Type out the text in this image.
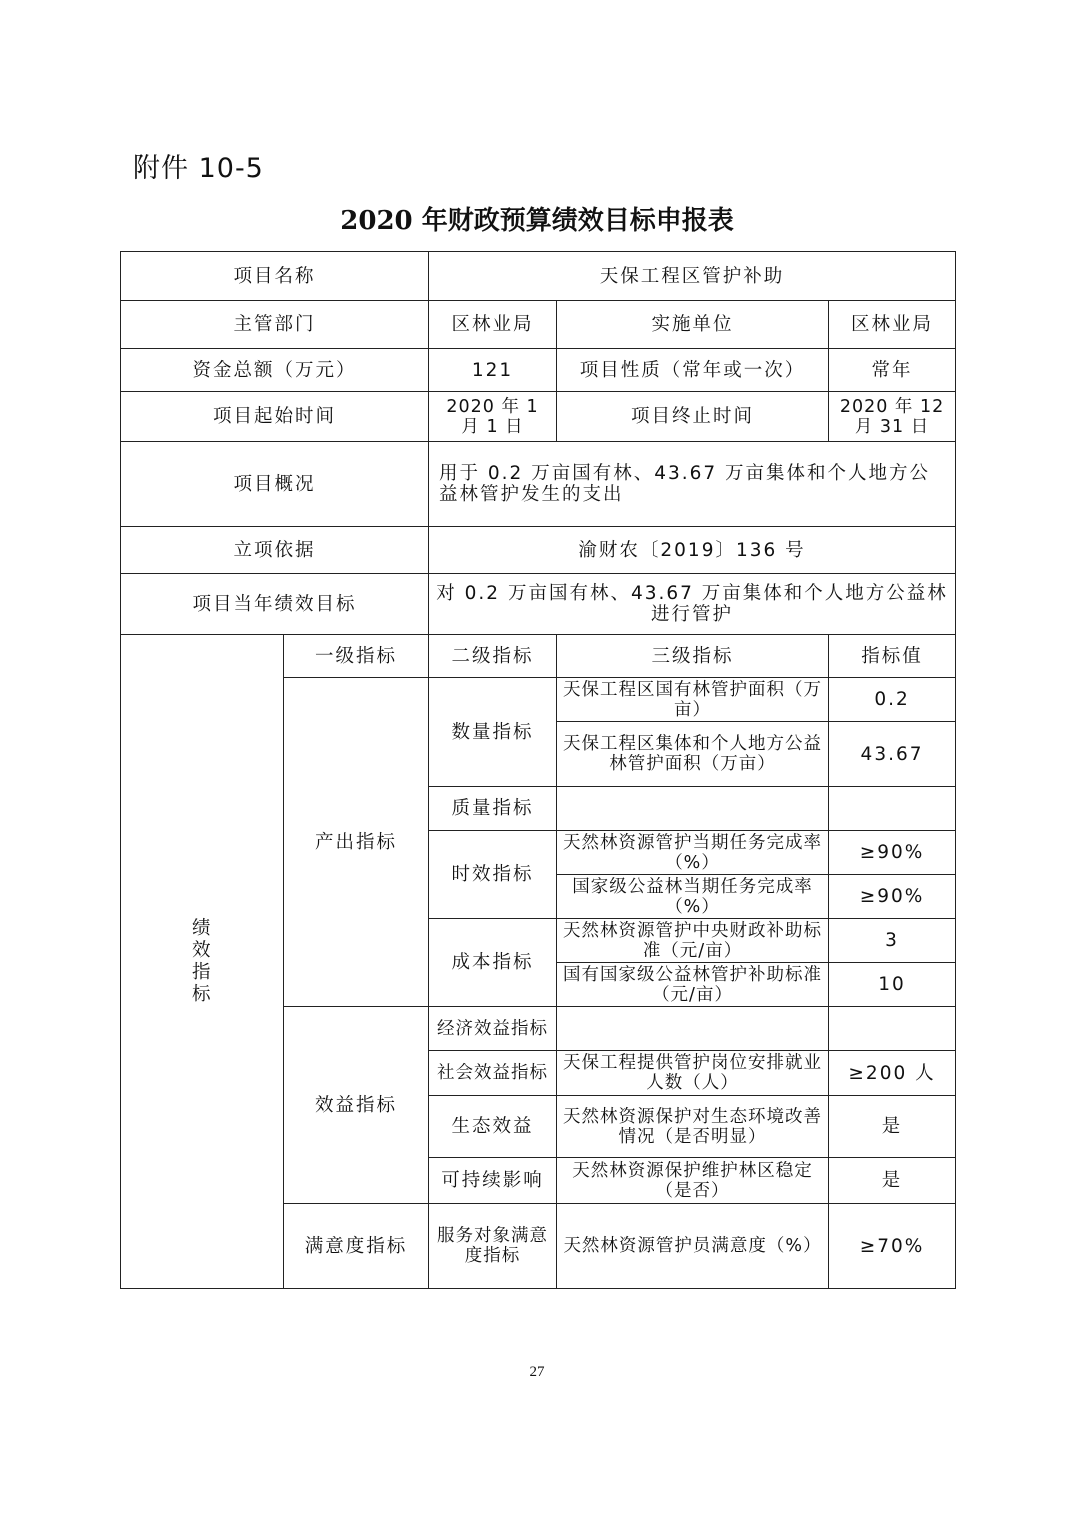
附件 10-5
2020 年财政预算绩效目标申报表
项目名称		天保工程区管护补助		
主管部门		区林业局	实施单位	区林业局
资金总额（万元）		121	项目性质（常年或一次）	常年
项目起始时间		2020 年 1 月 1 日	项目终止时间	2020 年 12 月 31 日
项目概况		用于 0.2 万亩国有林、43.67 万亩集体和个人地方公益林管护发生的支出		
立项依据		渝财农〔2019〕136 号		
项目当年绩效目标		对 0.2 万亩国有林、43.67 万亩集体和个人地方公益林进行管护		
绩效指标	一级指标	二级指标	三级指标	指标值
	产出指标	数量指标	天保工程区国有林管护面积（万亩）	0.2
			天保工程区集体和个人地方公益林管护面积（万亩）	43.67
		质量指标		
		时效指标	天然林资源管护当期任务完成率（%）	≥90%
			国家级公益林当期任务完成率（%）	≥90%
		成本指标	天然林资源管护中央财政补助标准（元/亩）	3
			国有国家级公益林管护补助标准（元/亩）	10
	效益指标	经济效益指标		
		社会效益指标	天保工程提供管护岗位安排就业人数（人）	≥200 人
		生态效益	天然林资源保护对生态环境改善情况（是否明显）	是
		可持续影响	天然林资源保护维护林区稳定（是否）	是
	满意度指标	服务对象满意度指标	天然林资源管护员满意度（%）	≥70%
27
